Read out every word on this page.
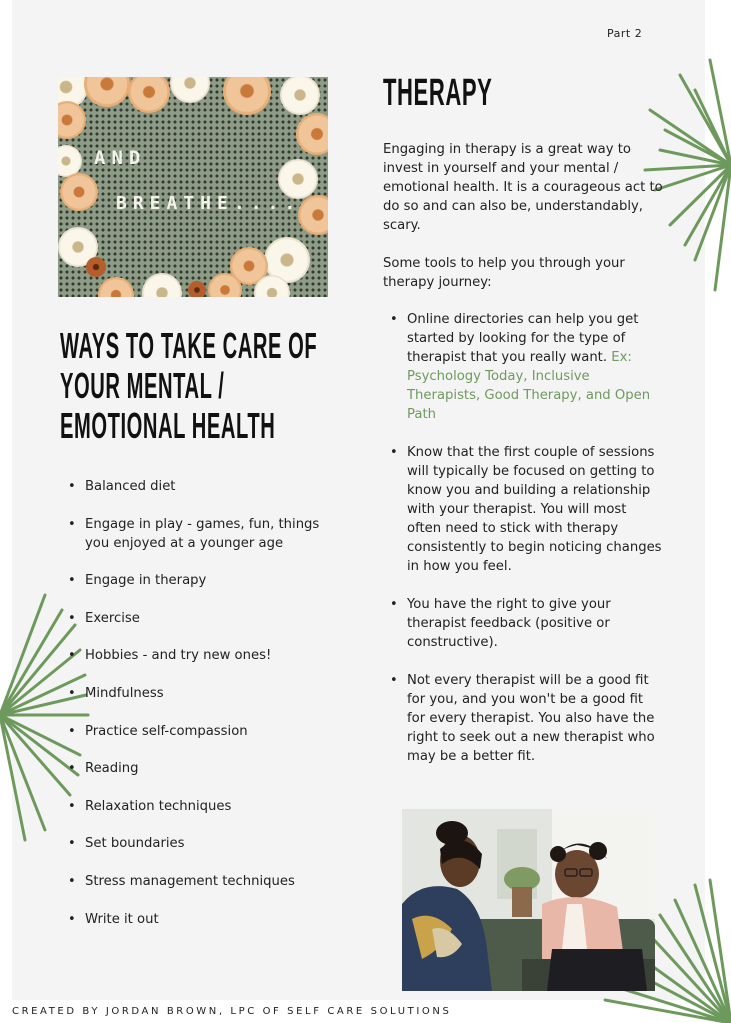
Part 2
AND
BREATHE....
WAYS TO TAKE CARE OF
YOUR MENTAL /
EMOTIONAL HEALTH
• Balanced diet
• Engage in play - games, fun, things you enjoyed at a younger age
• Engage in therapy
• Exercise
• Hobbies - and try new ones!
• Mindfulness
• Practice self-compassion
• Reading
• Relaxation techniques
• Set boundaries
• Stress management techniques
• Write it out
THERAPY

Engaging in therapy is a great way to invest in yourself and your mental / emotional health. It is a courageous act to do so and can also be, understandably, scary.

Some tools to help you through your therapy journey:

• Online directories can help you get started by looking for the type of therapist that you really want. Ex: Psychology Today, Inclusive Therapists, Good Therapy, and Open Path
• Know that the first couple of sessions will typically be focused on getting to know you and building a relationship with your therapist. You will most often need to stick with therapy consistently to begin noticing changes in how you feel.
• You have the right to give your therapist feedback (positive or constructive).
• Not every therapist will be a good fit for you, and you won't be a good fit for every therapist. You also have the right to seek out a new therapist who may be a better fit.
CREATED BY JORDAN BROWN, LPC OF SELF CARE SOLUTIONS
